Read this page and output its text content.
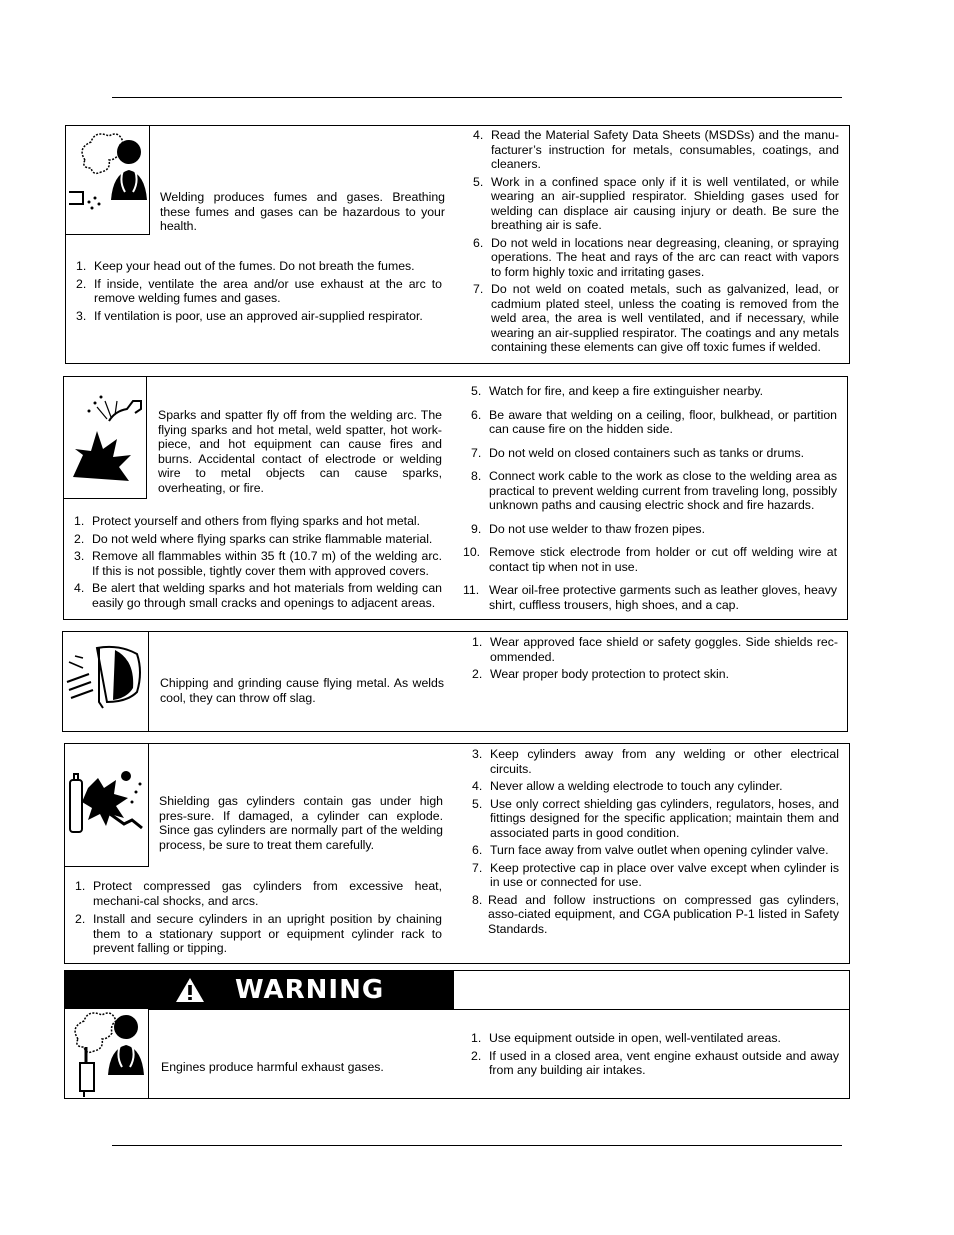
Welding produces fumes and gases. Breathing these fumes and gases can be hazardous to your health.
1. Keep your head out of the fumes. Do not breath the fumes.
2. If inside, ventilate the area and/or use exhaust at the arc to remove welding fumes and gases.
3. If ventilation is poor, use an approved air-supplied respirator.
4. Read the Material Safety Data Sheets (MSDSs) and the manu-facturer’s instruction for metals, consumables, coatings, and cleaners.
5. Work in a confined space only if it is well ventilated, or while wearing an air-supplied respirator. Shielding gases used for welding can displace air causing injury or death. Be sure the breathing air is safe.
6. Do not weld in locations near degreasing, cleaning, or spraying operations. The heat and rays of the arc can react with vapors to form highly toxic and irritating gases.
7. Do not weld on coated metals, such as galvanized, lead, or cadmium plated steel, unless the coating is removed from the weld area, the area is well ventilated, and if necessary, while wearing an air-supplied respirator. The coatings and any metals containing these elements can give off toxic fumes if welded.
Sparks and spatter fly off from the welding arc. The flying sparks and hot metal, weld spatter, hot work-piece, and hot equipment can cause fires and burns. Accidental contact of electrode or welding wire to metal objects can cause sparks, overheating, or fire.
1. Protect yourself and others from flying sparks and hot metal.
2. Do not weld where flying sparks can strike flammable material.
3. Remove all flammables within 35 ft (10.7 m) of the welding arc. If this is not possible, tightly cover them with approved covers.
4. Be alert that welding sparks and hot materials from welding can easily go through small cracks and openings to adjacent areas.
5. Watch for fire, and keep a fire extinguisher nearby.
6. Be aware that welding on a ceiling, floor, bulkhead, or partition can cause fire on the hidden side.
7. Do not weld on closed containers such as tanks or drums.
8. Connect work cable to the work as close to the welding area as practical to prevent welding current from traveling long, possibly unknown paths and causing electric shock and fire hazards.
9. Do not use welder to thaw frozen pipes.
10. Remove stick electrode from holder or cut off welding wire at contact tip when not in use.
11. Wear oil-free protective garments such as leather gloves, heavy shirt, cuffless trousers, high shoes, and a cap.
Chipping and grinding cause flying metal. As welds cool, they can throw off slag.
1. Wear approved face shield or safety goggles. Side shields rec-ommended.
2. Wear proper body protection to protect skin.
Shielding gas cylinders contain gas under high pres-sure. If damaged, a cylinder can explode. Since gas cylinders are normally part of the welding process, be sure to treat them carefully.
1. Protect compressed gas cylinders from excessive heat, mechani-cal shocks, and arcs.
2. Install and secure cylinders in an upright position by chaining them to a stationary support or equipment cylinder rack to prevent falling or tipping.
3. Keep cylinders away from any welding or other electrical circuits.
4. Never allow a welding electrode to touch any cylinder.
5. Use only correct shielding gas cylinders, regulators, hoses, and fittings designed for the specific application; maintain them and associated parts in good condition.
6. Turn face away from valve outlet when opening cylinder valve.
7. Keep protective cap in place over valve except when cylinder is in use or connected for use.
8. Read and follow instructions on compressed gas cylinders, asso-ciated equipment, and CGA publication P-1 listed in Safety Standards.
WARNING
Engines produce harmful exhaust gases.
1. Use equipment outside in open, well-ventilated areas.
2. If used in a closed area, vent engine exhaust outside and away from any building air intakes.
